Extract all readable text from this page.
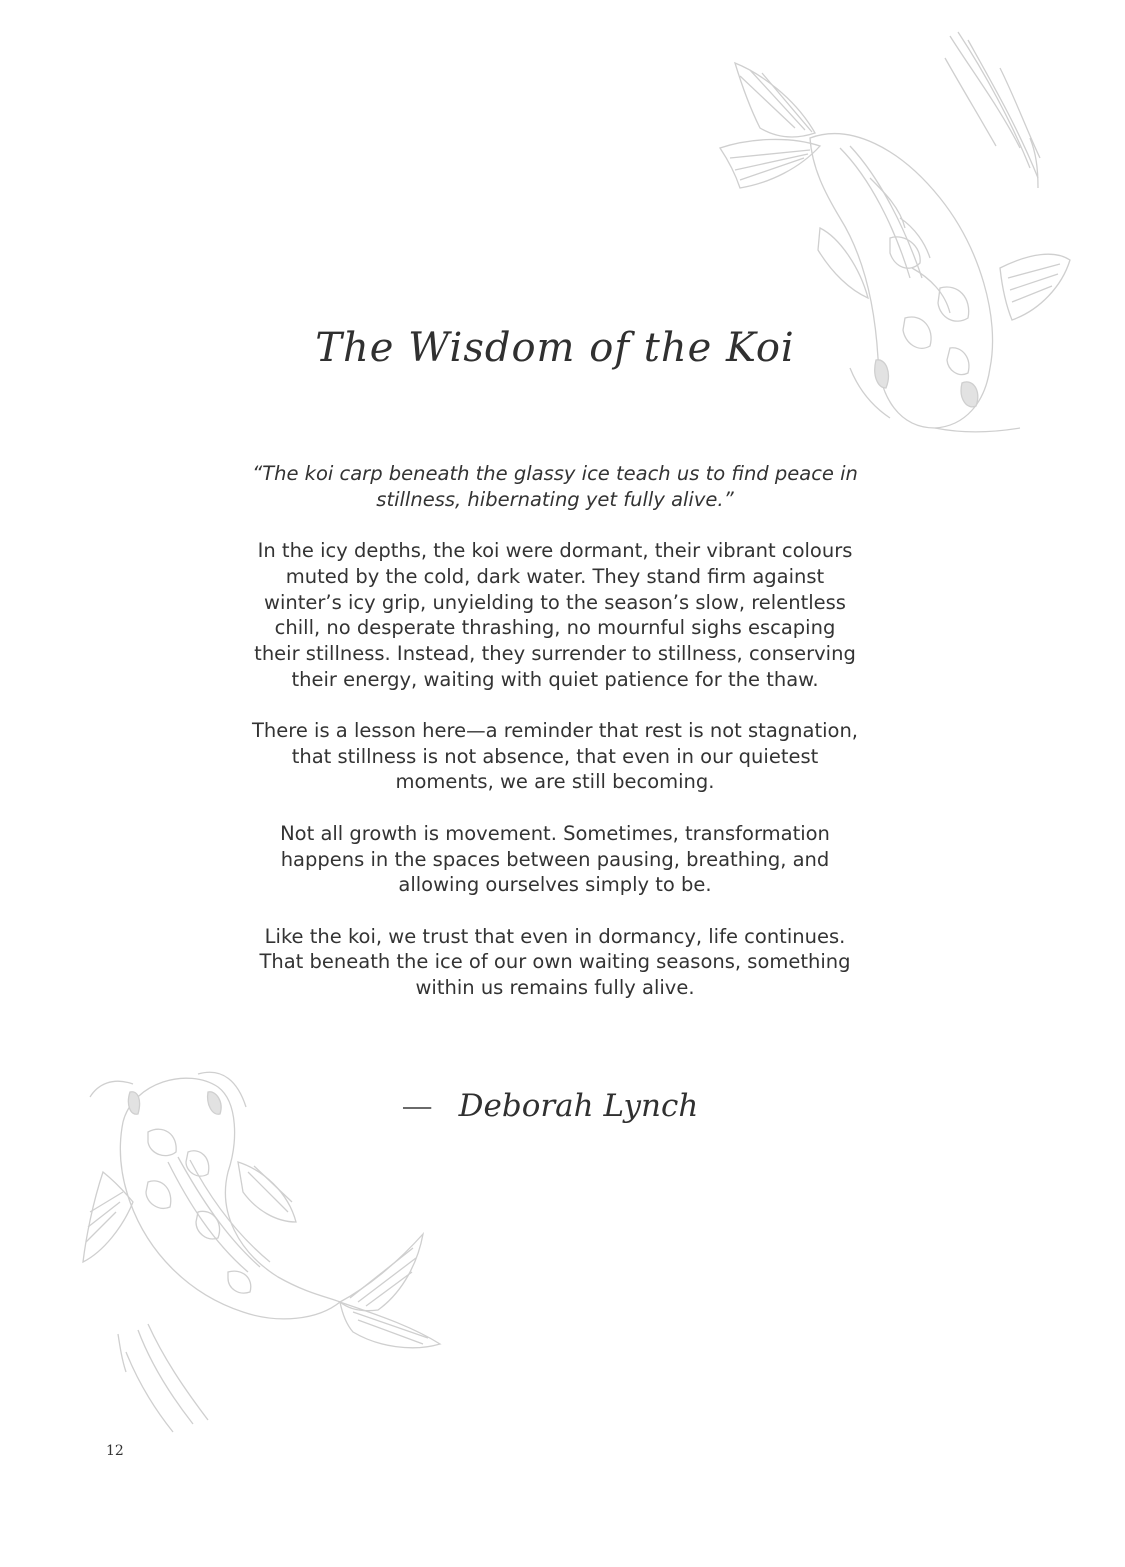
The Wisdom of the Koi

“The koi carp beneath the glassy ice teach us to find peace in stillness, hibernating yet fully alive.”

In the icy depths, the koi were dormant, their vibrant colours muted by the cold, dark water. They stand firm against winter’s icy grip, unyielding to the season’s slow, relentless chill, no desperate thrashing, no mournful sighs escaping their stillness. Instead, they surrender to stillness, conserving their energy, waiting with quiet patience for the thaw.

There is a lesson here—a reminder that rest is not stagnation, that stillness is not absence, that even in our quietest moments, we are still becoming.

Not all growth is movement. Sometimes, transformation happens in the spaces between pausing, breathing, and allowing ourselves simply to be.

Like the koi, we trust that even in dormancy, life continues. That beneath the ice of our own waiting seasons, something within us remains fully alive.

— Deborah Lynch
12
